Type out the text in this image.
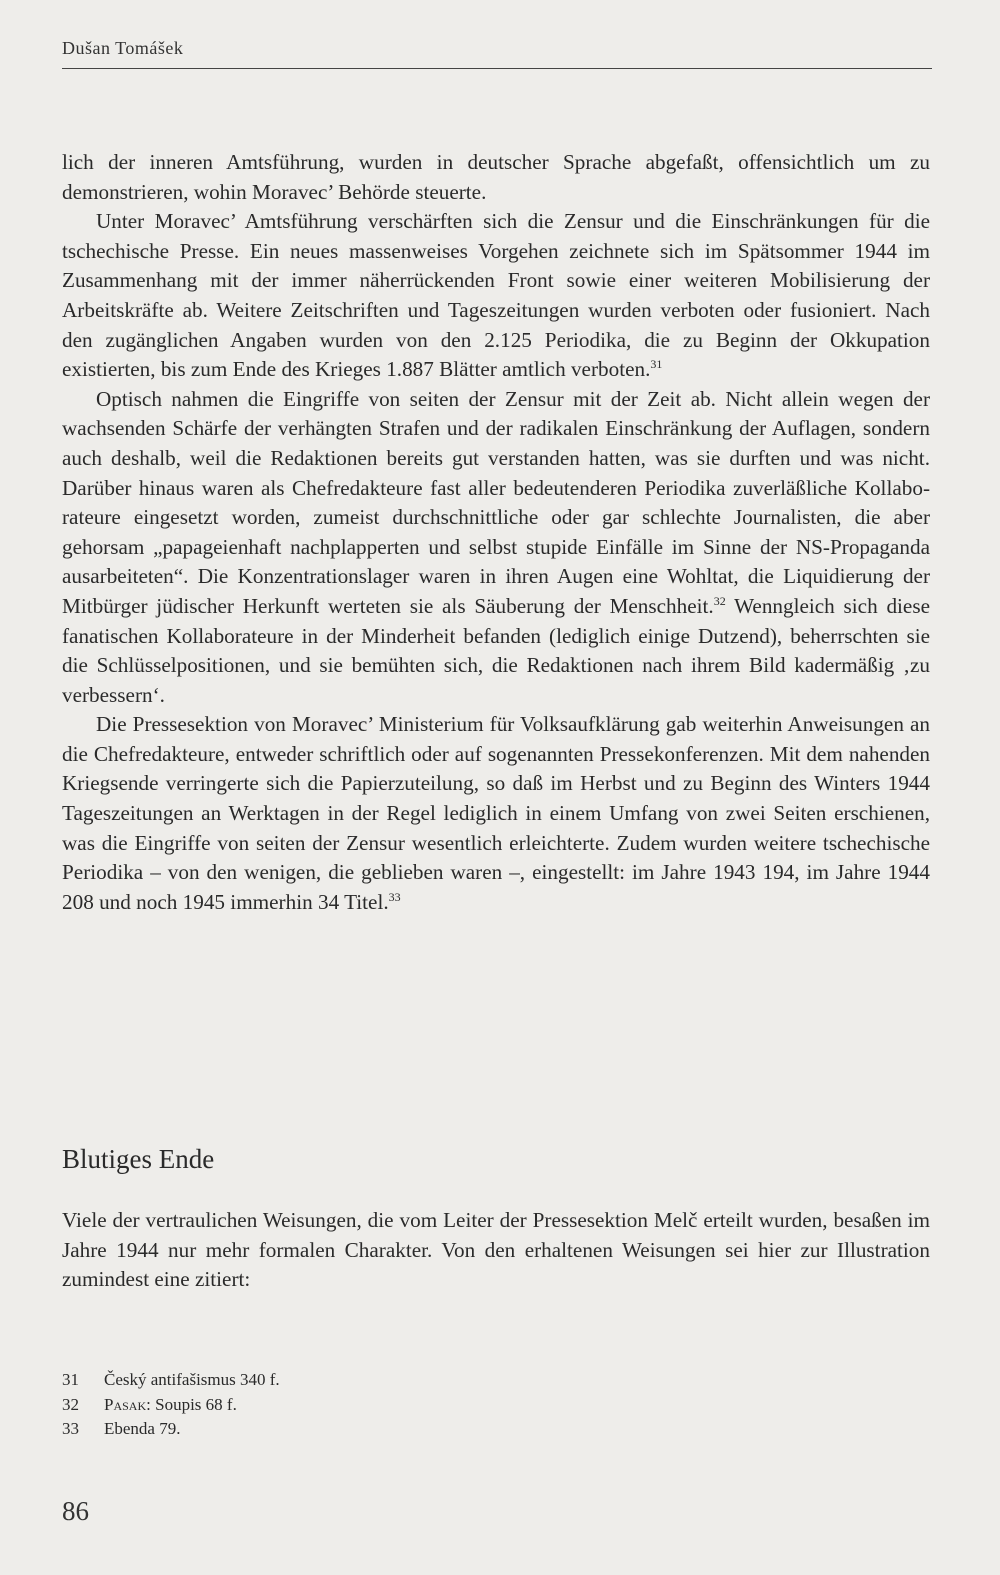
Dušan Tomášek

lich der inneren Amtsführung, wurden in deutscher Sprache abgefaßt, offensichtlich um zu demonstrieren, wohin Moravec’ Behörde steuerte.

Unter Moravec’ Amtsführung verschärften sich die Zensur und die Einschränkungen für die tschechische Presse. Ein neues massenweises Vorgehen zeichnete sich im Spätsommer 1944 im Zusammenhang mit der immer näherrückenden Front sowie einer weiteren Mobilisierung der Arbeitskräfte ab. Weitere Zeitschriften und Tageszeitungen wurden verboten oder fusioniert. Nach den zugänglichen Angaben wurden von den 2.125 Periodika, die zu Beginn der Okkupation existierten, bis zum Ende des Krieges 1.887 Blätter amtlich verboten.$^{31}$

Optisch nahmen die Eingriffe von seiten der Zensur mit der Zeit ab. Nicht allein wegen der wachsenden Schärfe der verhängten Strafen und der radikalen Einschränkung der Auflagen, sondern auch deshalb, weil die Redaktionen bereits gut verstanden hatten, was sie durften und was nicht. Darüber hinaus waren als Chefredakteure fast aller bedeutenderen Periodika zuverläßliche Kollaborateure eingesetzt worden, zumeist durchschnittliche oder gar schlechte Journalisten, die aber gehorsam „papageienhaft nachplapperten und selbst stupide Einfälle im Sinne der NS-Propaganda ausarbeiteten“. Die Konzentrationslager waren in ihren Augen eine Wohltat, die Liquidierung der Mitbürger jüdischer Herkunft werteten sie als Säuberung der Menschheit.$^{32}$ Wenngleich sich diese fanatischen Kollaborateure in der Minderheit befanden (lediglich einige Dutzend), beherrschten sie die Schlüsselpositionen, und sie bemühten sich, die Redaktionen nach ihrem Bild kadermäßig ‚zu verbessern‘.

Die Pressesektion von Moravec’ Ministerium für Volksaufklärung gab weiterhin Anweisungen an die Chefredakteure, entweder schriftlich oder auf sogenannten Pressekonferenzen. Mit dem nahenden Kriegsende verringerte sich die Papierzuteilung, so daß im Herbst und zu Beginn des Winters 1944 Tageszeitungen an Werktagen in der Regel lediglich in einem Umfang von zwei Seiten erschienen, was die Eingriffe von seiten der Zensur wesentlich erleichterte. Zudem wurden weitere tschechische Periodika – von den wenigen, die geblieben waren –, eingestellt: im Jahre 1943 194, im Jahre 1944 208 und noch 1945 immerhin 34 Titel.$^{33}$

Blutiges Ende

Viele der vertraulichen Weisungen, die vom Leiter der Pressesektion Melč erteilt wurden, besaßen im Jahre 1944 nur mehr formalen Charakter. Von den erhaltenen Weisungen sei hier zur Illustration zumindest eine zitiert:

31	Český antifašismus 340 f.
32	Pasak: Soupis 68 f.
33	Ebenda 79.
86
